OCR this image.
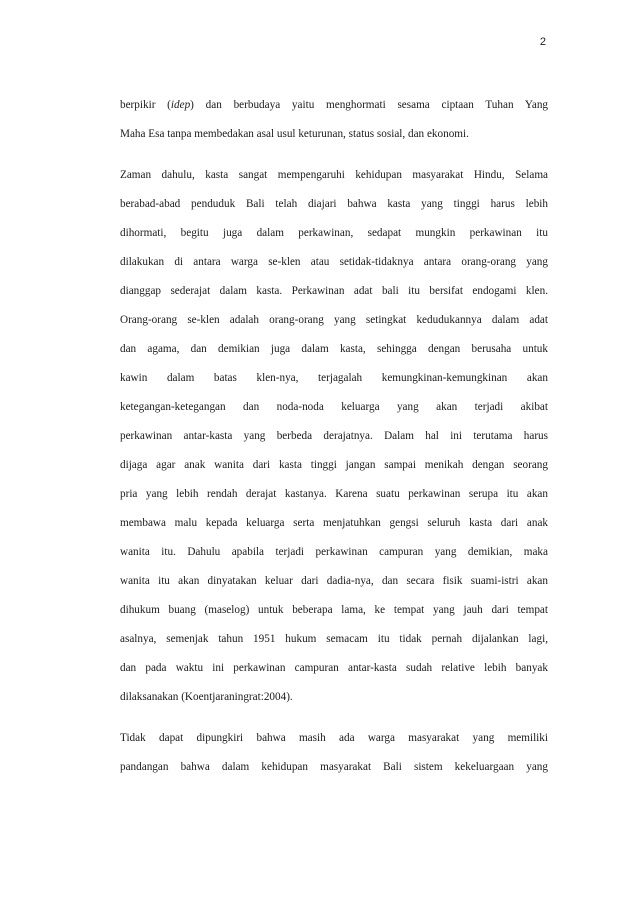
2
berpikir (idep) dan berbudaya yaitu menghormati sesama ciptaan Tuhan Yang
Maha Esa tanpa membedakan asal usul keturunan, status sosial, dan ekonomi.
Zaman dahulu, kasta sangat mempengaruhi kehidupan masyarakat Hindu, Selama
berabad-abad penduduk Bali telah diajari bahwa kasta yang tinggi harus lebih
dihormati, begitu juga dalam perkawinan, sedapat mungkin perkawinan itu
dilakukan di antara warga se-klen atau setidak-tidaknya antara orang-orang yang
dianggap sederajat dalam kasta. Perkawinan adat bali itu bersifat endogami klen.
Orang-orang se-klen adalah orang-orang yang setingkat kedudukannya dalam adat
dan agama, dan demikian juga dalam kasta, sehingga dengan berusaha untuk
kawin dalam batas klen-nya, terjagalah kemungkinan-kemungkinan akan
ketegangan-ketegangan dan noda-noda keluarga yang akan terjadi akibat
perkawinan antar-kasta yang berbeda derajatnya. Dalam hal ini terutama harus
dijaga agar anak wanita dari kasta tinggi jangan sampai menikah dengan seorang
pria yang lebih rendah derajat kastanya. Karena suatu perkawinan serupa itu akan
membawa malu kepada keluarga serta menjatuhkan gengsi seluruh kasta dari anak
wanita itu. Dahulu apabila terjadi perkawinan campuran yang demikian, maka
wanita itu akan dinyatakan keluar dari dadia-nya, dan secara fisik suami-istri akan
dihukum buang (maselog) untuk beberapa lama, ke tempat yang jauh dari tempat
asalnya, semenjak tahun 1951 hukum semacam itu tidak pernah dijalankan lagi,
dan pada waktu ini perkawinan campuran antar-kasta sudah relative lebih banyak
dilaksanakan (Koentjaraningrat:2004).
Tidak dapat dipungkiri bahwa masih ada warga masyarakat yang memiliki
pandangan bahwa dalam kehidupan masyarakat Bali sistem kekeluargaan yang
